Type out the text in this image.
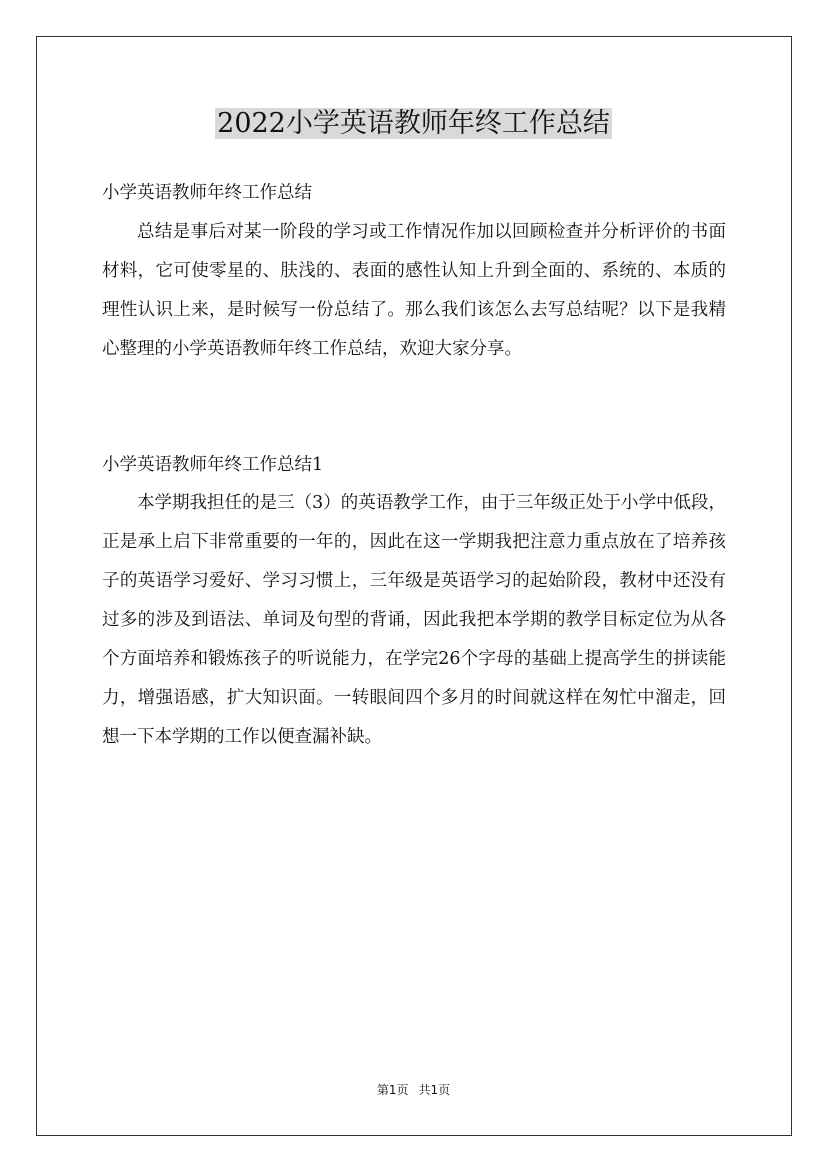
2022小学英语教师年终工作总结

小学英语教师年终工作总结

总结是事后对某一阶段的学习或工作情况作加以回顾检查并分析评价的书面材料，它可使零星的、肤浅的、表面的感性认知上升到全面的、系统的、本质的理性认识上来，是时候写一份总结了。那么我们该怎么去写总结呢？以下是我精心整理的小学英语教师年终工作总结，欢迎大家分享。

小学英语教师年终工作总结1

本学期我担任的是三（3）的英语教学工作，由于三年级正处于小学中低段，正是承上启下非常重要的一年的，因此在这一学期我把注意力重点放在了培养孩子的英语学习爱好、学习习惯上，三年级是英语学习的起始阶段，教材中还没有过多的涉及到语法、单词及句型的背诵，因此我把本学期的教学目标定位为从各个方面培养和锻炼孩子的听说能力，在学完26个字母的基础上提高学生的拼读能力，增强语感，扩大知识面。一转眼间四个多月的时间就这样在匆忙中溜走，回想一下本学期的工作以便查漏补缺。

第1页 共1页
